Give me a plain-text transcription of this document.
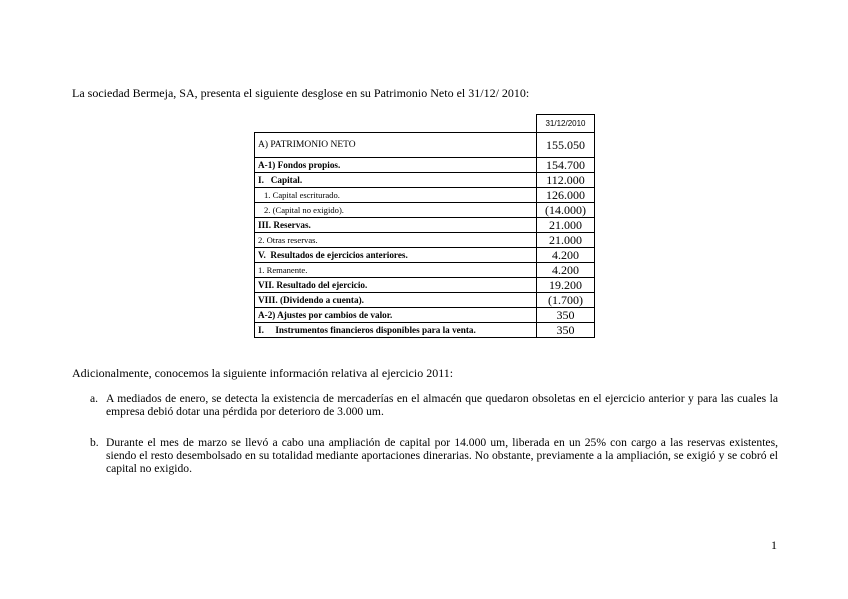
La sociedad Bermeja, SA, presenta el siguiente desglose en su Patrimonio Neto el 31/12/ 2010:
	31/12/2010
A) PATRIMONIO NETO	155.050
A-1) Fondos propios.	154.700
I.   Capital.	112.000
1. Capital escriturado.	126.000
2. (Capital no exigido).	(14.000)
III. Reservas.	21.000
2. Otras reservas.	21.000
V.  Resultados de ejercicios anteriores.	4.200
1. Remanente.	4.200
VII. Resultado del ejercicio.	19.200
VIII. (Dividendo a cuenta).	(1.700)
A-2) Ajustes por cambios de valor.	350
I.     Instrumentos financieros disponibles para la venta.	350
Adicionalmente, conocemos la siguiente información relativa al ejercicio 2011:
a. A mediados de enero, se detecta la existencia de mercaderías en el almacén que quedaron obsoletas en el ejercicio anterior y para las cuales la empresa debió dotar una pérdida por deterioro de 3.000 um.
b. Durante el mes de marzo se llevó a cabo una ampliación de capital por 14.000 um, liberada en un 25% con cargo a las reservas existentes, siendo el resto desembolsado en su totalidad mediante aportaciones dinerarias. No obstante, previamente a la ampliación, se exigió y se cobró el capital no exigido.
1
